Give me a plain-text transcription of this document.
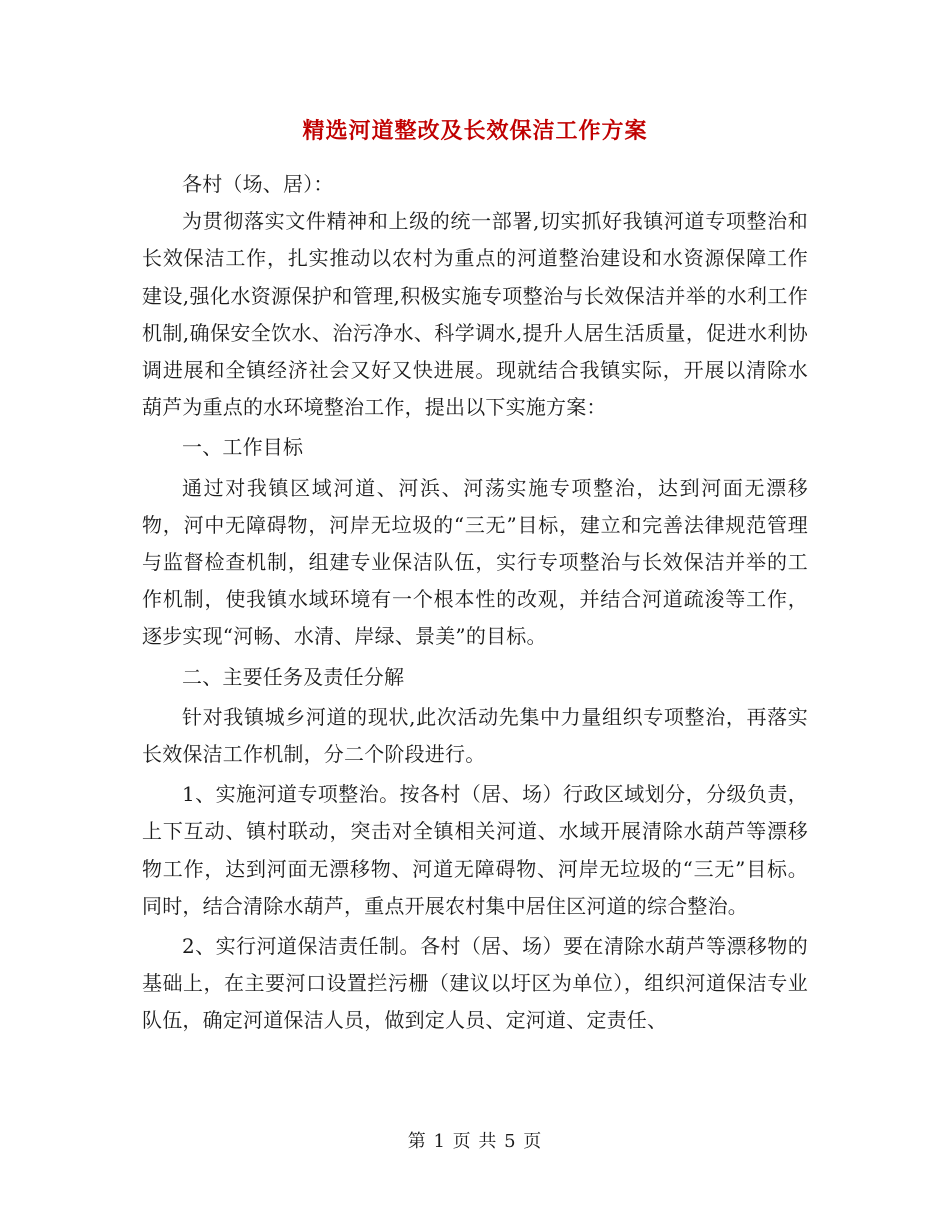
精选河道整改及长效保洁工作方案

各村（场、居）：

为贯彻落实文件精神和上级的统一部署,切实抓好我镇河道专项整治和长效保洁工作，扎实推动以农村为重点的河道整治建设和水资源保障工作建设,强化水资源保护和管理,积极实施专项整治与长效保洁并举的水利工作机制,确保安全饮水、治污净水、科学调水,提升人居生活质量，促进水利协调进展和全镇经济社会又好又快进展。现就结合我镇实际，开展以清除水葫芦为重点的水环境整治工作，提出以下实施方案：

一、工作目标

通过对我镇区域河道、河浜、河荡实施专项整治，达到河面无漂移物，河中无障碍物，河岸无垃圾的“三无”目标，建立和完善法律规范管理与监督检查机制，组建专业保洁队伍，实行专项整治与长效保洁并举的工作机制，使我镇水域环境有一个根本性的改观，并结合河道疏浚等工作，逐步实现“河畅、水清、岸绿、景美”的目标。

二、主要任务及责任分解

针对我镇城乡河道的现状,此次活动先集中力量组织专项整治，再落实长效保洁工作机制，分二个阶段进行。

1、实施河道专项整治。按各村（居、场）行政区域划分，分级负责，上下互动、镇村联动，突击对全镇相关河道、水域开展清除水葫芦等漂移物工作，达到河面无漂移物、河道无障碍物、河岸无垃圾的“三无”目标。同时，结合清除水葫芦，重点开展农村集中居住区河道的综合整治。

2、实行河道保洁责任制。各村（居、场）要在清除水葫芦等漂移物的基础上，在主要河口设置拦污栅（建议以圩区为单位），组织河道保洁专业队伍，确定河道保洁人员，做到定人员、定河道、定责任、

第 1 页 共 5 页
